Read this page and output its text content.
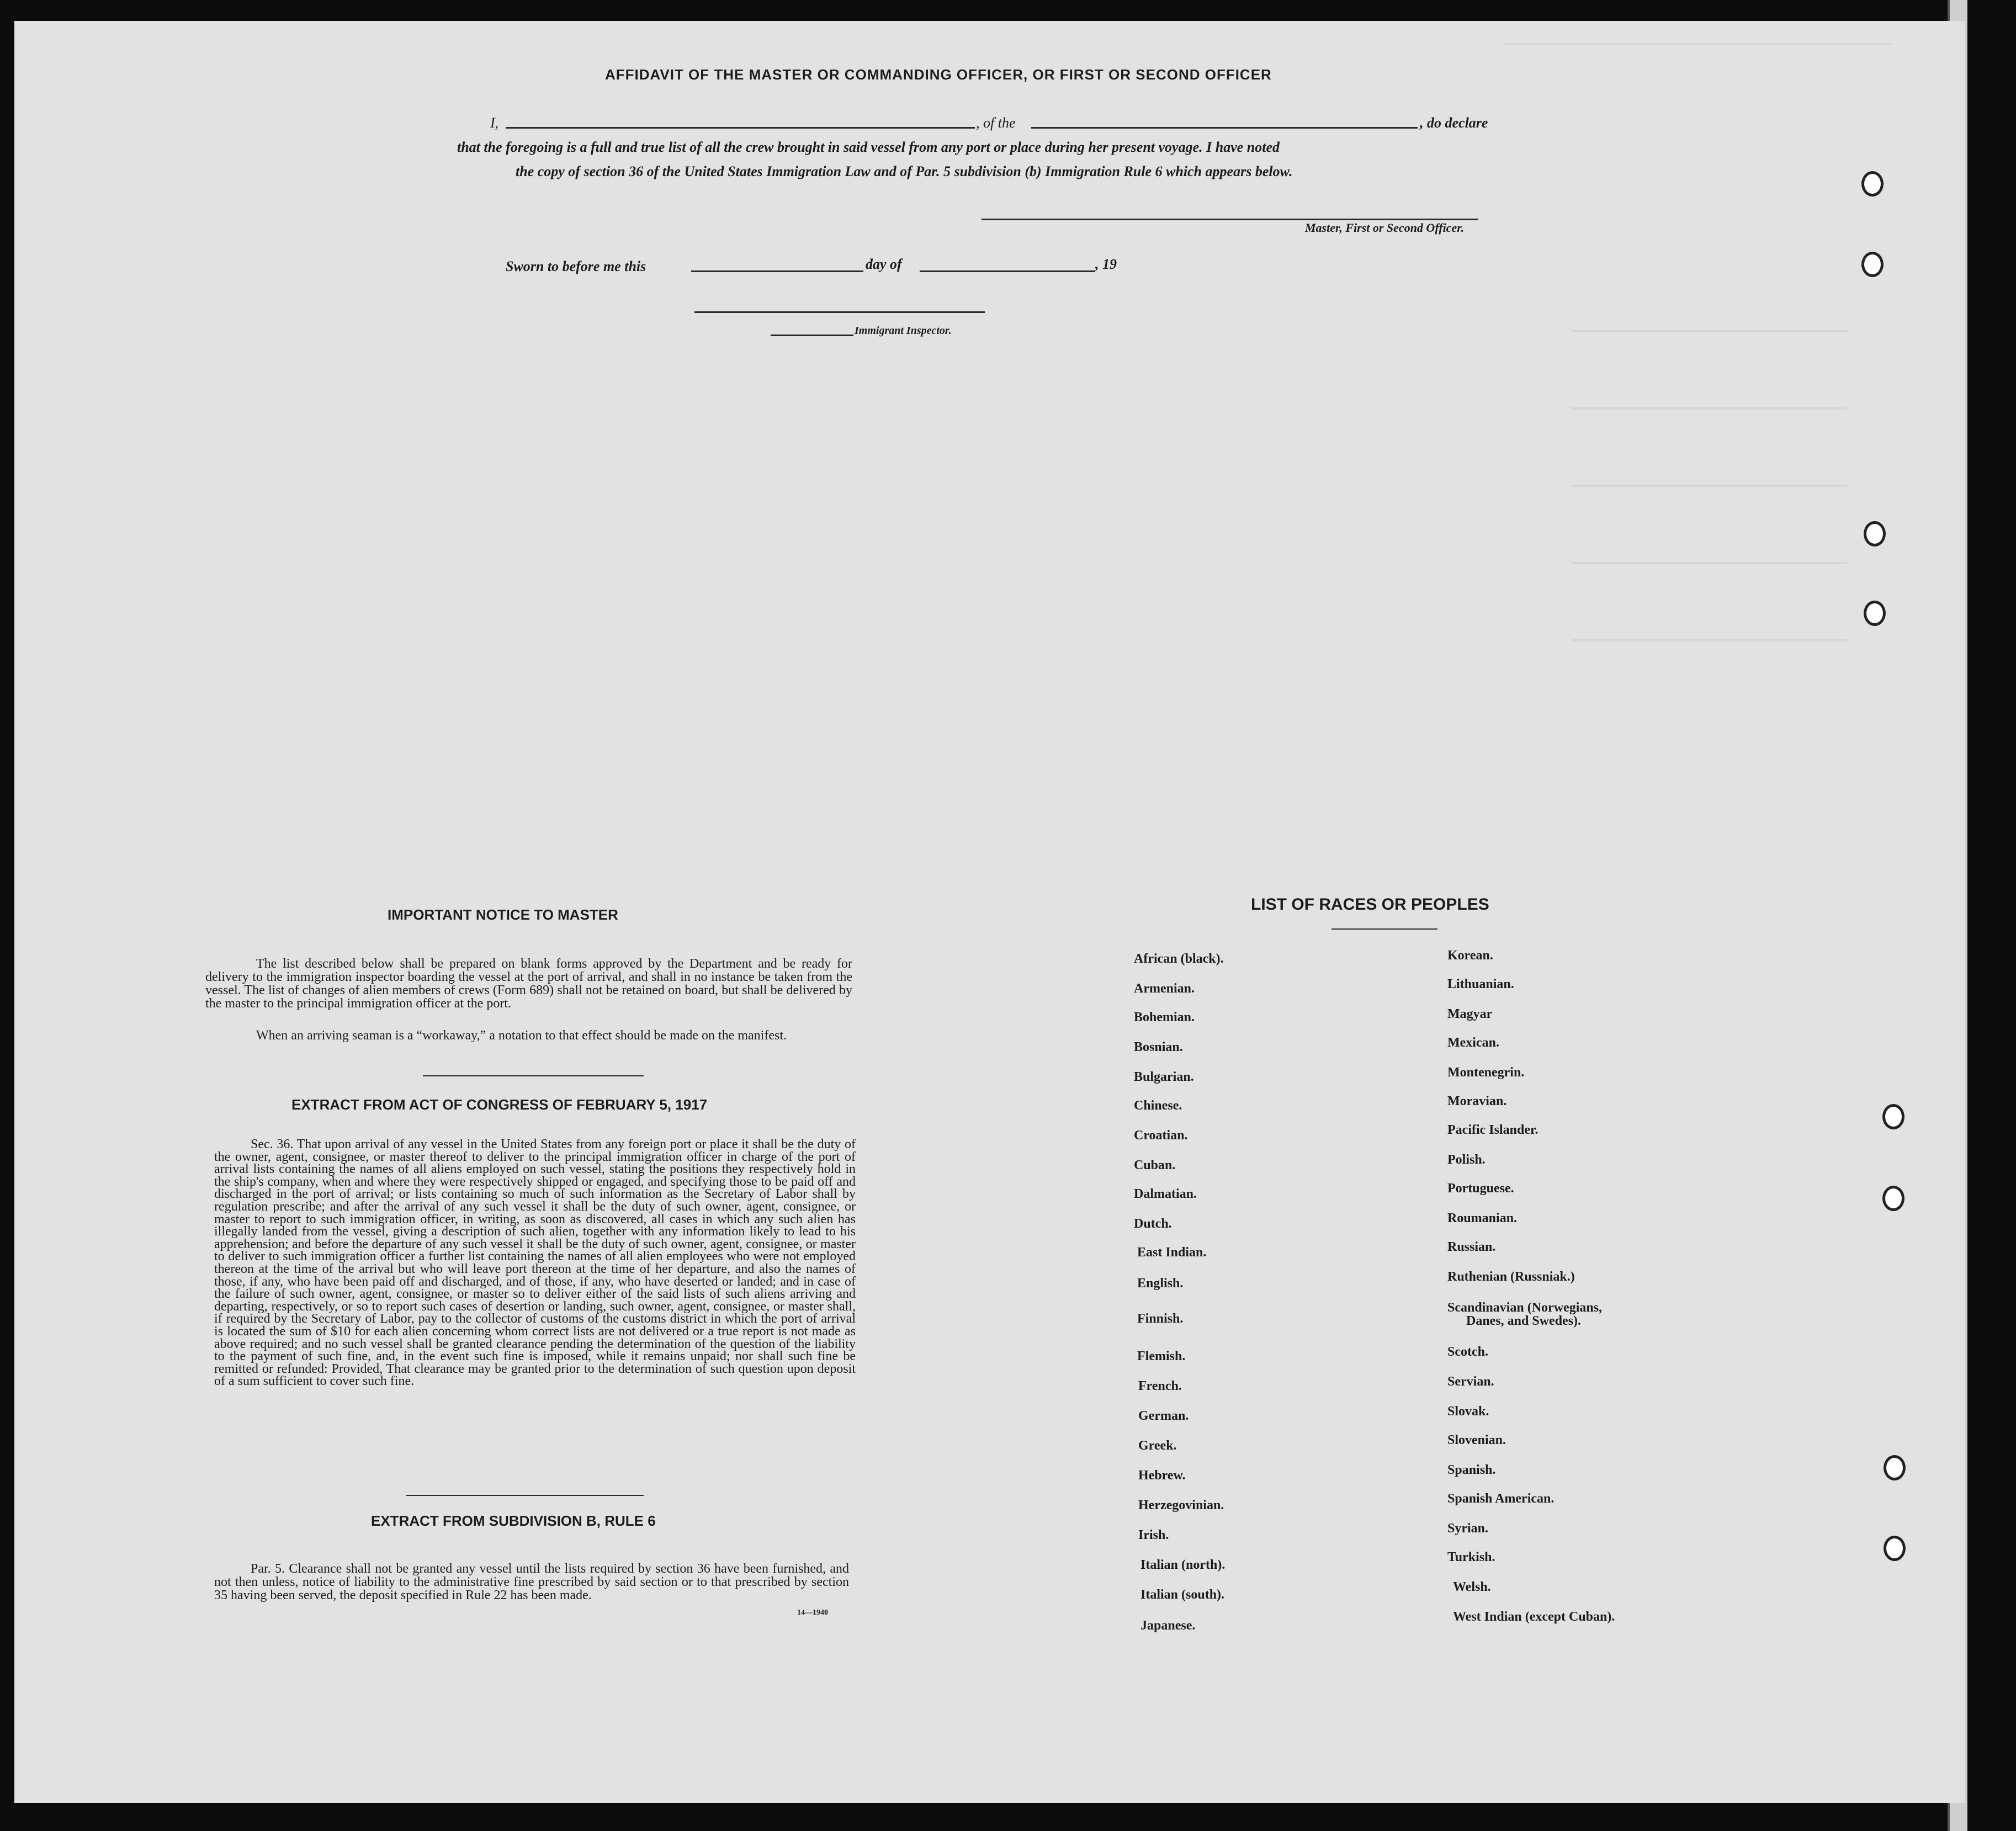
AFFIDAVIT OF THE MASTER OR COMMANDING OFFICER, OR FIRST OR SECOND OFFICER
I,	, of the	, do declare
that the foregoing is a full and true list of all the crew brought in said vessel from any port or place during her present voyage. I have noted
the copy of section 36 of the United States Immigration Law and of Par. 5 subdivision (b) Immigration Rule 6 which appears below.
Master, First or Second Officer.
Sworn to before me this	day of	, 19
Immigrant Inspector.
IMPORTANT NOTICE TO MASTER
The list described below shall be prepared on blank forms approved by the Department and be ready for delivery to the immigration inspector boarding the vessel at the port of arrival, and shall in no instance be taken from the vessel. The list of changes of alien members of crews (Form 689) shall not be retained on board, but shall be delivered by the master to the principal immigration officer at the port.
When an arriving seaman is a “workaway,” a notation to that effect should be made on the manifest.
EXTRACT FROM ACT OF CONGRESS OF FEBRUARY 5, 1917
Sec. 36. That upon arrival of any vessel in the United States from any foreign port or place it shall be the duty of the owner, agent, consignee, or master thereof to deliver to the principal immigration officer in charge of the port of arrival lists containing the names of all aliens employed on such vessel, stating the positions they respectively hold in the ship's company, when and where they were respectively shipped or engaged, and specifying those to be paid off and discharged in the port of arrival; or lists containing so much of such information as the Secretary of Labor shall by regulation prescribe; and after the arrival of any such vessel it shall be the duty of such owner, agent, consignee, or master to report to such immigration officer, in writing, as soon as discovered, all cases in which any such alien has illegally landed from the vessel, giving a description of such alien, together with any information likely to lead to his apprehension; and before the departure of any such vessel it shall be the duty of such owner, agent, consignee, or master to deliver to such immigration officer a further list containing the names of all alien employees who were not employed thereon at the time of the arrival but who will leave port thereon at the time of her departure, and also the names of those, if any, who have been paid off and discharged, and of those, if any, who have deserted or landed; and in case of the failure of such owner, agent, consignee, or master so to deliver either of the said lists of such aliens arriving and departing, respectively, or so to report such cases of desertion or landing, such owner, agent, consignee, or master shall, if required by the Secretary of Labor, pay to the collector of customs of the customs district in which the port of arrival is located the sum of $10 for each alien concerning whom correct lists are not delivered or a true report is not made as above required; and no such vessel shall be granted clearance pending the determination of the question of the liability to the payment of such fine, and, in the event such fine is imposed, while it remains unpaid; nor shall such fine be remitted or refunded: Provided, That clearance may be granted prior to the determination of such question upon deposit of a sum sufficient to cover such fine.
EXTRACT FROM SUBDIVISION B, RULE 6
Par. 5. Clearance shall not be granted any vessel until the lists required by section 36 have been furnished, and not then unless, notice of liability to the administrative fine prescribed by said section or to that prescribed by section 35 having been served, the deposit specified in Rule 22 has been made.
14—1940
LIST OF RACES OR PEOPLES
African (black).
Armenian.
Bohemian.
Bosnian.
Bulgarian.
Chinese.
Croatian.
Cuban.
Dalmatian.
Dutch.
East Indian.
English.
Finnish.
Flemish.
French.
German.
Greek.
Hebrew.
Herzegovinian.
Irish.
Italian (north).
Italian (south).
Japanese.
Korean.
Lithuanian.
Magyar
Mexican.
Montenegrin.
Moravian.
Pacific Islander.
Polish.
Portuguese.
Roumanian.
Russian.
Ruthenian (Russniak.)
Scandinavian (Norwegians,
Danes, and Swedes).
Scotch.
Servian.
Slovak.
Slovenian.
Spanish.
Spanish American.
Syrian.
Turkish.
Welsh.
West Indian (except Cuban).
